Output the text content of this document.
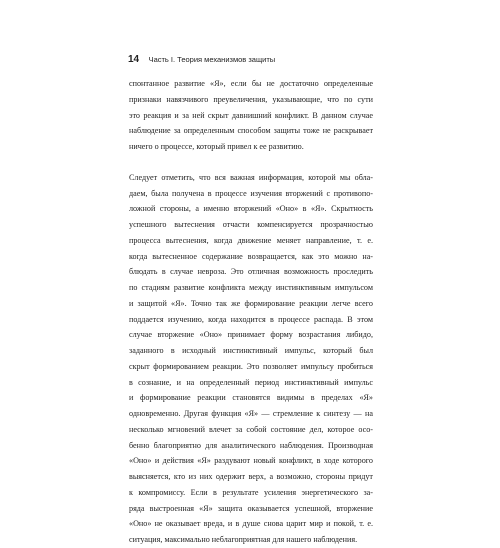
14 Часть I. Теория механизмов защиты
спонтанное развитие «Я», если бы не достаточно определенные
признаки навязчивого преувеличения, указывающие, что по сути
это реакция и за ней скрыт давнишний конфликт. В данном случае
наблюдение за определенным способом защиты тоже не раскрывает
ничего о процессе, который привел к ее развитию.
Следует отметить, что вся важная информация, которой мы обла-
даем, была получена в процессе изучения вторжений с противопо-
ложной стороны, а именно вторжений «Оно» в «Я». Скрытность
успешного вытеснения отчасти компенсируется прозрачностью
процесса вытеснения, когда движение меняет направление, т. е.
когда вытесненное содержание возвращается, как это можно на-
блюдать в случае невроза. Это отличная возможность проследить
по стадиям развитие конфликта между инстинктивным импульсом
и защитой «Я». Точно так же формирование реакции легче всего
поддается изучению, когда находится в процессе распада. В этом
случае вторжение «Оно» принимает форму возрастания либидо,
заданного в исходный инстинктивный импульс, который был
скрыт формированием реакции. Это позволяет импульсу пробиться
в сознание, и на определенный период инстинктивный импульс
и формирование реакции становятся видимы в пределах «Я»
одновременно. Другая функция «Я» — стремление к синтезу — на
несколько мгновений влечет за собой состояние дел, которое осо-
бенно благоприятно для аналитического наблюдения. Производная
«Оно» и действия «Я» раздувают новый конфликт, в ходе которого
выясняется, кто из них одержит верх, а возможно, стороны придут
к компромиссу. Если в результате усиления энергетического за-
ряда выстроенная «Я» защита оказывается успешной, вторжение
«Оно» не оказывает вреда, и в душе снова царит мир и покой, т. е.
ситуация, максимально неблагоприятная для нашего наблюдения.
